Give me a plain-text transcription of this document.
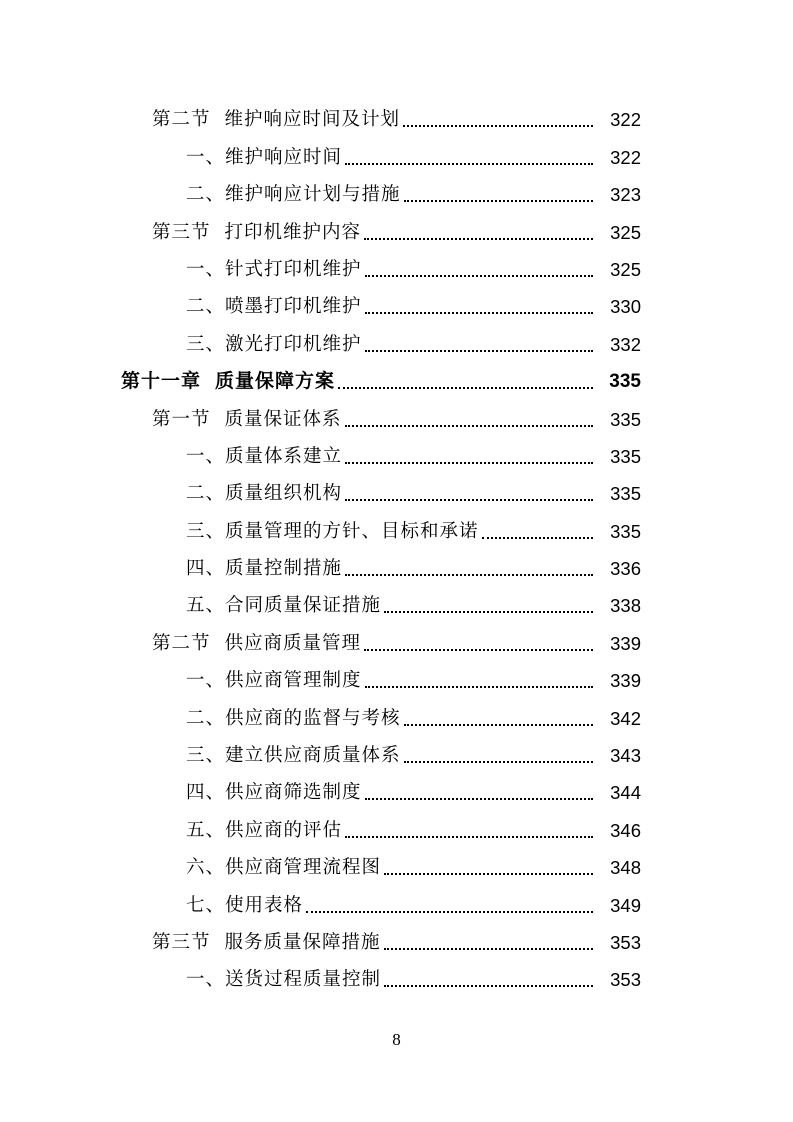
第二节 维护响应时间及计划	322
一、维护响应时间	322
二、维护响应计划与措施	323
第三节 打印机维护内容	325
一、针式打印机维护	325
二、喷墨打印机维护	330
三、激光打印机维护	332
第十一章 质量保障方案	335
第一节 质量保证体系	335
一、质量体系建立	335
二、质量组织机构	335
三、质量管理的方针、目标和承诺	335
四、质量控制措施	336
五、合同质量保证措施	338
第二节 供应商质量管理	339
一、供应商管理制度	339
二、供应商的监督与考核	342
三、建立供应商质量体系	343
四、供应商筛选制度	344
五、供应商的评估	346
六、供应商管理流程图	348
七、使用表格	349
第三节 服务质量保障措施	353
一、送货过程质量控制	353
8
